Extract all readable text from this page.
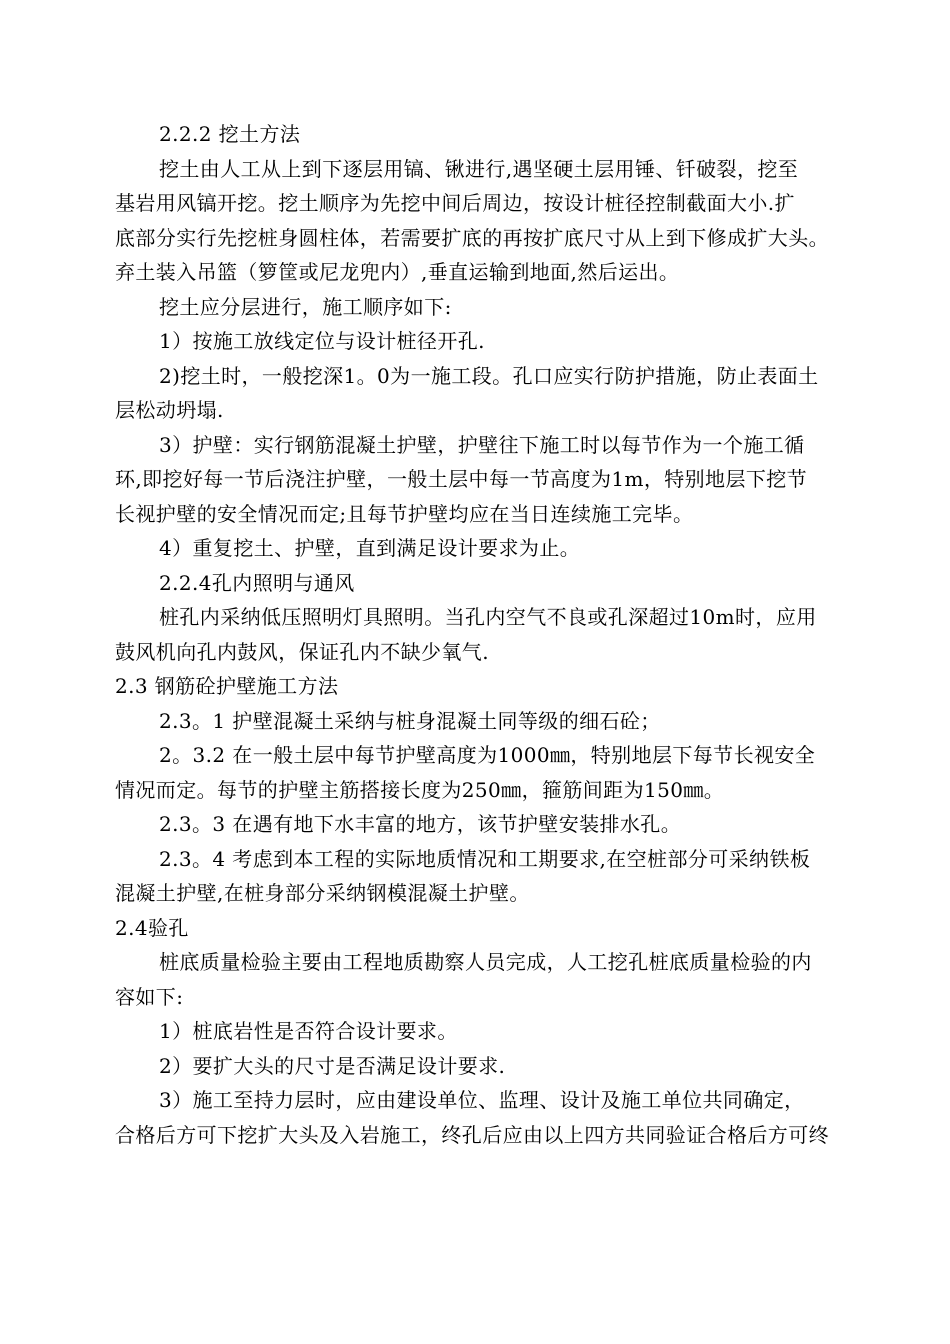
2.2.2 挖土方法
挖土由人工从上到下逐层用镐、锹进行,遇坚硬土层用锤、钎破裂，挖至
基岩用风镐开挖。挖土顺序为先挖中间后周边，按设计桩径控制截面大小.扩
底部分实行先挖桩身圆柱体，若需要扩底的再按扩底尺寸从上到下修成扩大头。
弃土装入吊篮（箩筐或尼龙兜内）,垂直运输到地面,然后运出。
挖土应分层进行，施工顺序如下:
1）按施工放线定位与设计桩径开孔.
2)挖土时，一般挖深1。0为一施工段。孔口应实行防护措施，防止表面土
层松动坍塌.
3）护壁：实行钢筋混凝土护壁，护壁往下施工时以每节作为一个施工循
环,即挖好每一节后浇注护壁，一般土层中每一节高度为1m，特别地层下挖节
长视护壁的安全情况而定;且每节护壁均应在当日连续施工完毕。
4）重复挖土、护壁，直到满足设计要求为止。
2.2.4孔内照明与通风
桩孔内采纳低压照明灯具照明。当孔内空气不良或孔深超过10m时，应用
鼓风机向孔内鼓风，保证孔内不缺少氧气.
2.3 钢筋砼护壁施工方法
2.3。1 护壁混凝土采纳与桩身混凝土同等级的细石砼；
2。3.2 在一般土层中每节护壁高度为1000㎜，特别地层下每节长视安全
情况而定。每节的护壁主筋搭接长度为250㎜，箍筋间距为150㎜。
2.3。3 在遇有地下水丰富的地方，该节护壁安装排水孔。
2.3。4 考虑到本工程的实际地质情况和工期要求,在空桩部分可采纳铁板
混凝土护壁,在桩身部分采纳钢模混凝土护壁。
2.4验孔
桩底质量检验主要由工程地质勘察人员完成，人工挖孔桩底质量检验的内
容如下:
1）桩底岩性是否符合设计要求。
2）要扩大头的尺寸是否满足设计要求.
3）施工至持力层时，应由建设单位、监理、设计及施工单位共同确定，
合格后方可下挖扩大头及入岩施工，终孔后应由以上四方共同验证合格后方可终
